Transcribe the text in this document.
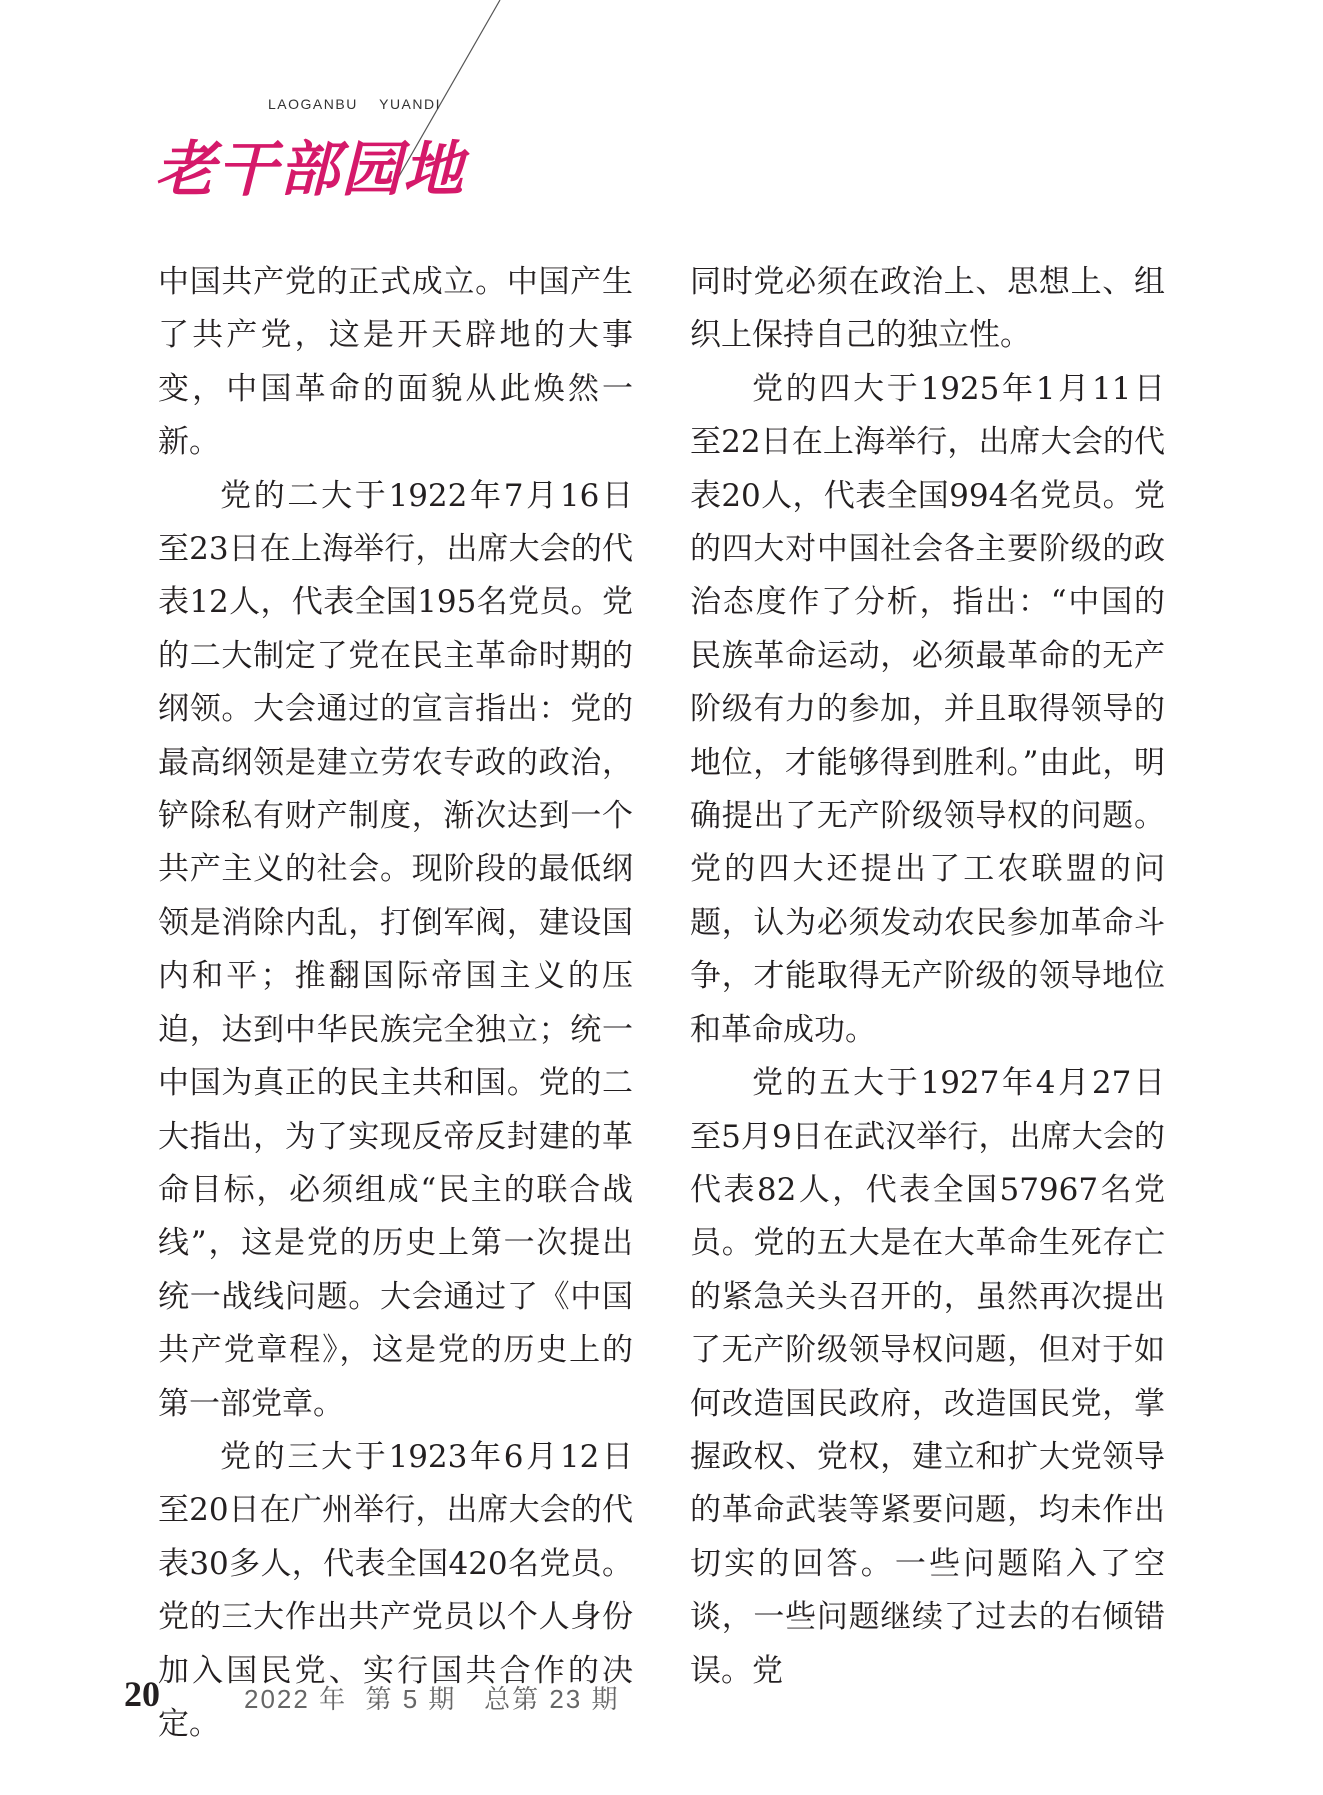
LAOGANBU    YUANDI
老干部园地

中国共产党的正式成立。中国产生了共产党，这是开天辟地的大事变，中国革命的面貌从此焕然一新。

党的二大于1922年7月16日至23日在上海举行，出席大会的代表12人，代表全国195名党员。党的二大制定了党在民主革命时期的纲领。大会通过的宣言指出：党的最高纲领是建立劳农专政的政治，铲除私有财产制度，渐次达到一个共产主义的社会。现阶段的最低纲领是消除内乱，打倒军阀，建设国内和平；推翻国际帝国主义的压迫，达到中华民族完全独立；统一中国为真正的民主共和国。党的二大指出，为了实现反帝反封建的革命目标，必须组成“民主的联合战线”，这是党的历史上第一次提出统一战线问题。大会通过了《中国共产党章程》，这是党的历史上的第一部党章。

党的三大于1923年6月12日至20日在广州举行，出席大会的代表30多人，代表全国420名党员。党的三大作出共产党员以个人身份加入国民党、实行国共合作的决定。

同时党必须在政治上、思想上、组织上保持自己的独立性。

党的四大于1925年1月11日至22日在上海举行，出席大会的代表20人，代表全国994名党员。党的四大对中国社会各主要阶级的政治态度作了分析，指出：“中国的民族革命运动，必须最革命的无产阶级有力的参加，并且取得领导的地位，才能够得到胜利。”由此，明确提出了无产阶级领导权的问题。党的四大还提出了工农联盟的问题，认为必须发动农民参加革命斗争，才能取得无产阶级的领导地位和革命成功。

党的五大于1927年4月27日至5月9日在武汉举行，出席大会的代表82人，代表全国57967名党员。党的五大是在大革命生死存亡的紧急关头召开的，虽然再次提出了无产阶级领导权问题，但对于如何改造国民政府，改造国民党，掌握政权、党权，建立和扩大党领导的革命武装等紧要问题，均未作出切实的回答。一些问题陷入了空谈，一些问题继续了过去的右倾错误。党

20	2022 年  第 5 期   总第 23 期
